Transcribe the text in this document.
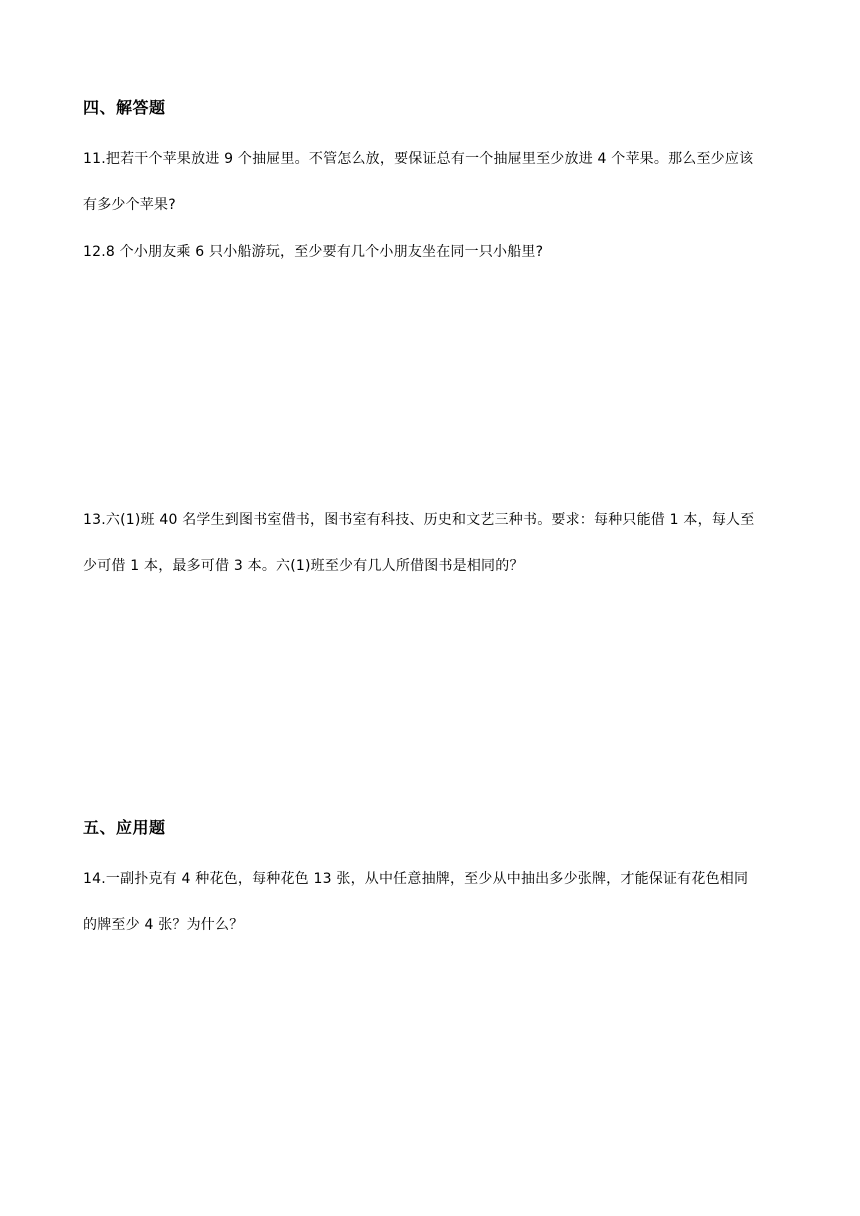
四、解答题
11.把若干个苹果放进 9 个抽屉里。不管怎么放，要保证总有一个抽屉里至少放进 4 个苹果。那么至少应该
有多少个苹果?
12.8 个小朋友乘 6 只小船游玩，至少要有几个小朋友坐在同一只小船里?
13.六(1)班 40 名学生到图书室借书，图书室有科技、历史和文艺三种书。要求：每种只能借 1 本，每人至
少可借 1 本，最多可借 3 本。六(1)班至少有几人所借图书是相同的？
五、应用题
14.一副扑克有 4 种花色，每种花色 13 张，从中任意抽牌，至少从中抽出多少张牌，才能保证有花色相同
的牌至少 4 张？为什么？
